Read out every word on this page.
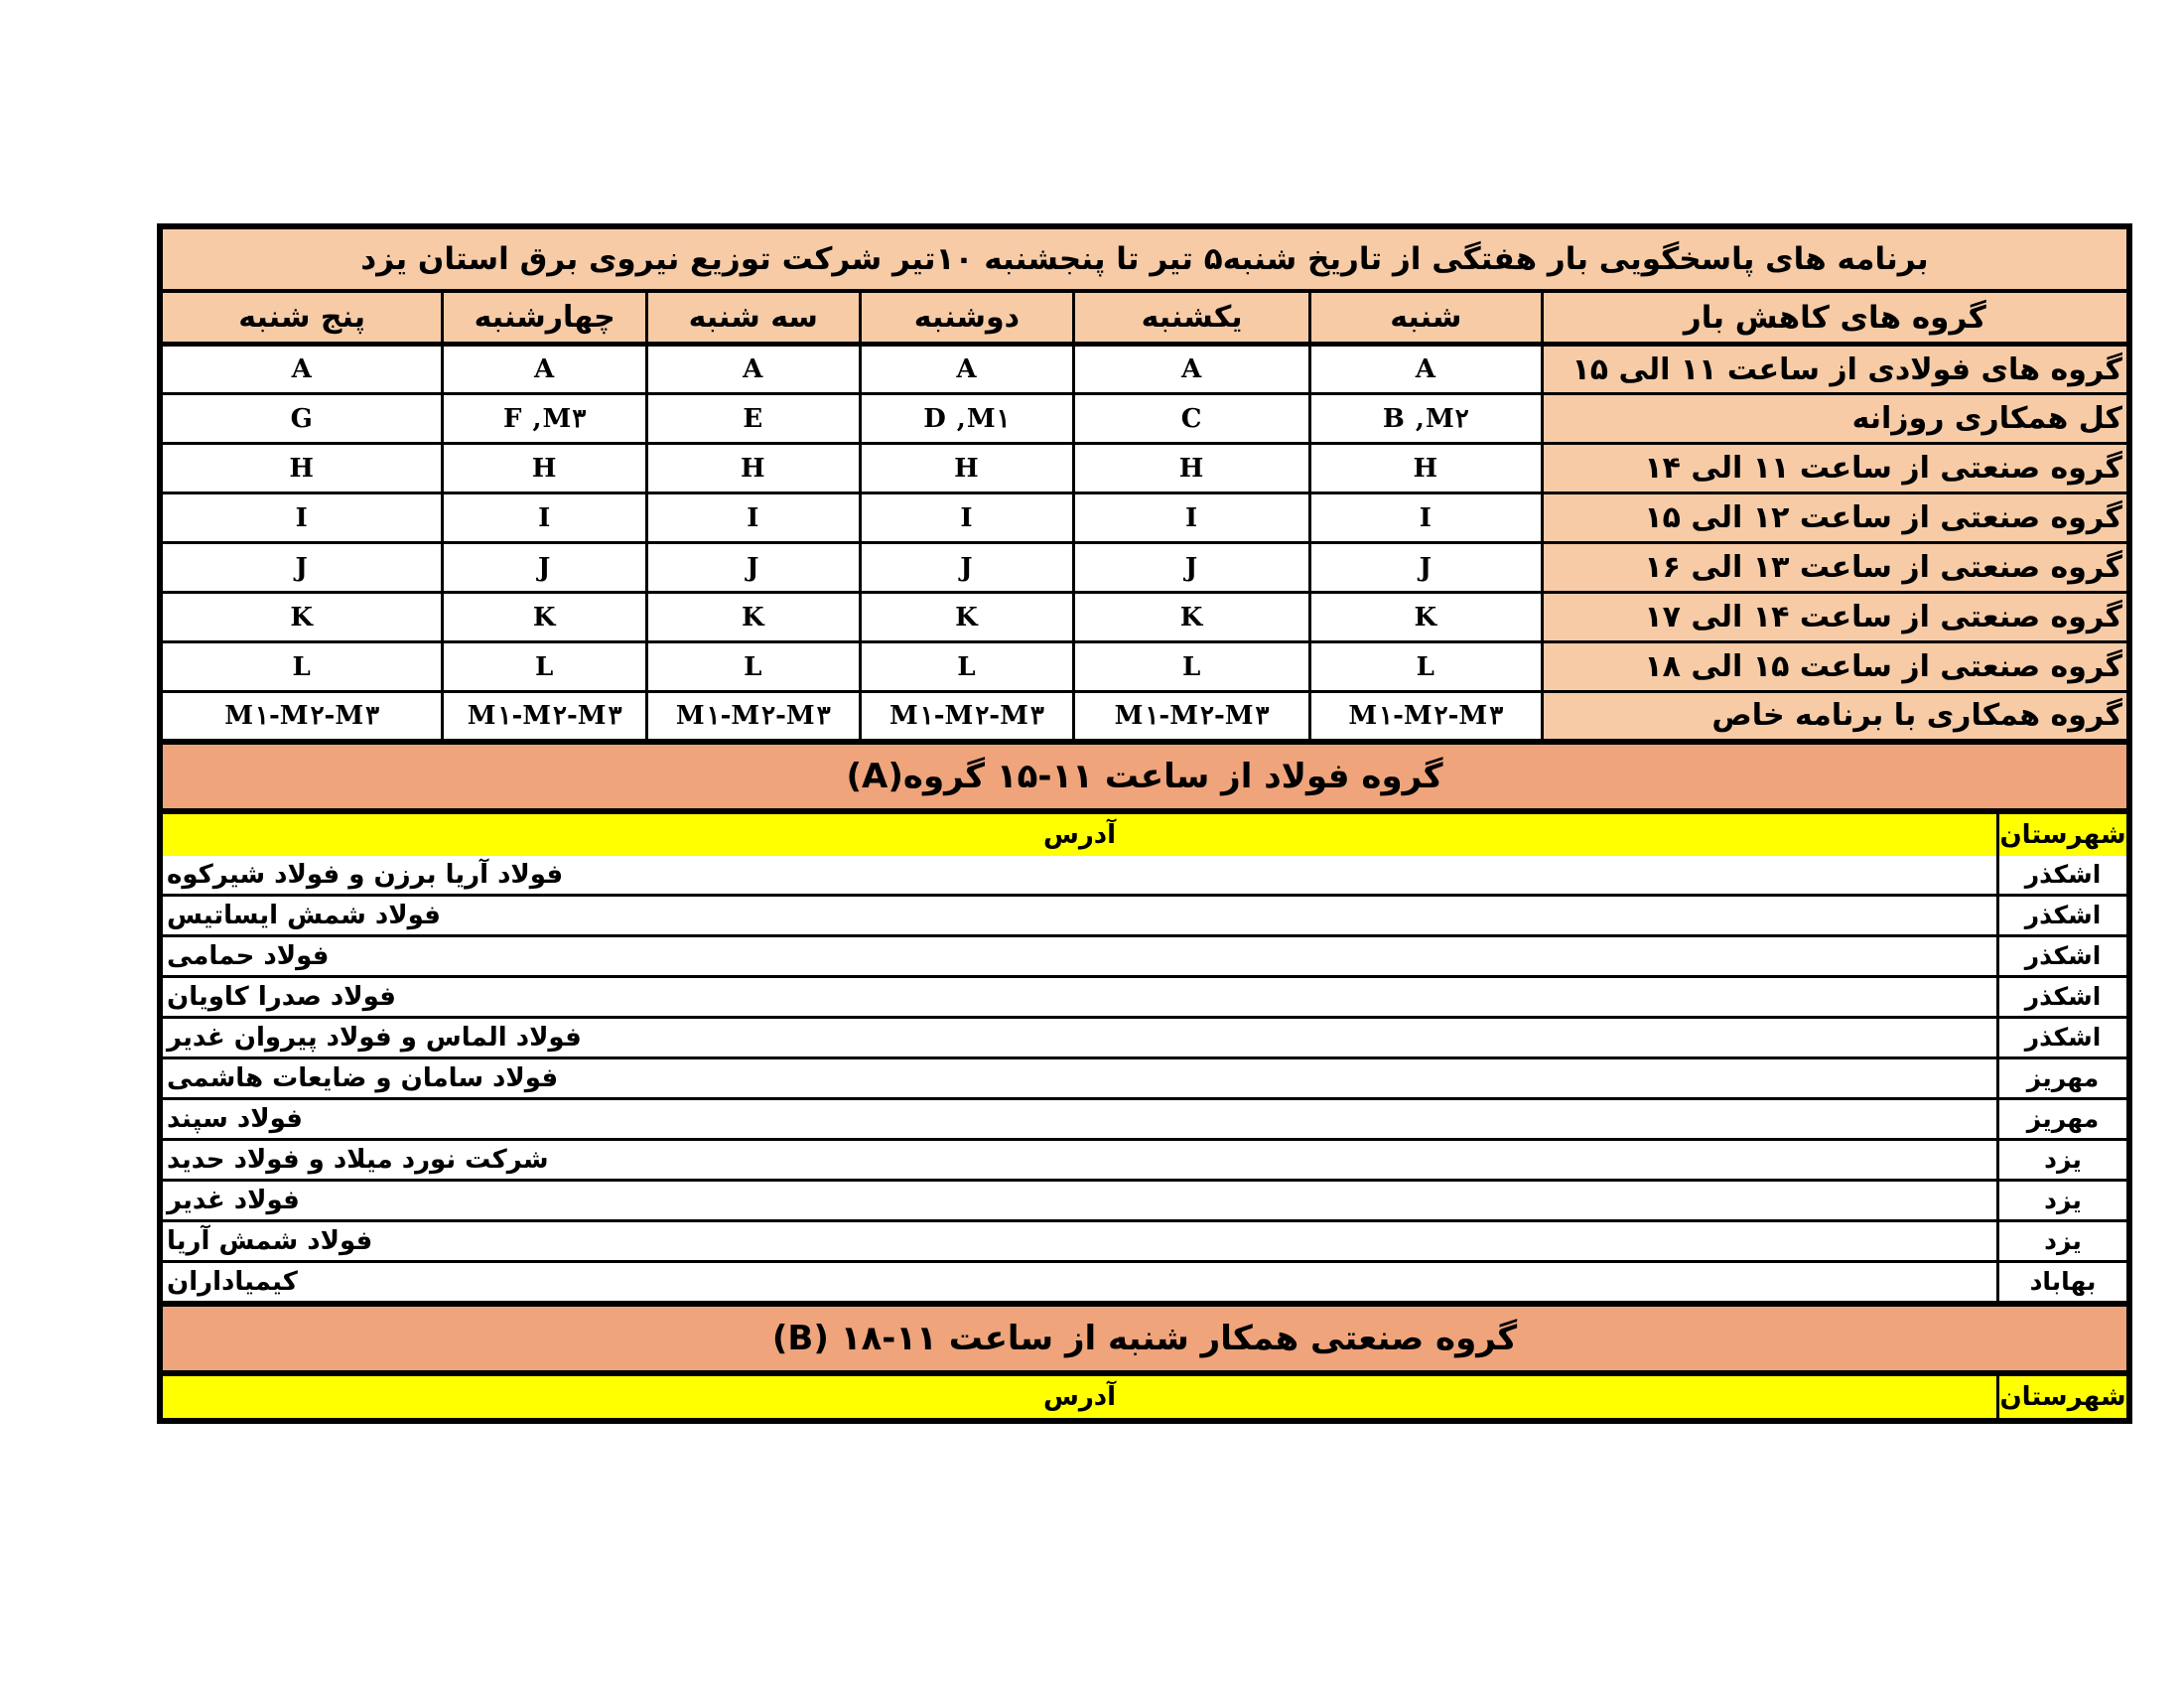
برنامه های پاسخگویی بار هفتگی از تاریخ شنبه۵ تیر تا پنجشنبه ۱۰تیر شرکت توزیع نیروی برق استان یزد						
پنج شنبه	چهارشنبه	سه شنبه	دوشنبه	یکشنبه	شنبه	گروه های کاهش بار
A	A	A	A	A	A	گروه های فولادی از ساعت ۱۱ الی ۱۵
G	F ,M۳	E	D ,M۱	C	B ,M۲	کل همکاری روزانه
H	H	H	H	H	H	گروه صنعتی از ساعت ۱۱ الی ۱۴
I	I	I	I	I	I	گروه صنعتی از ساعت ۱۲ الی ۱۵
J	J	J	J	J	J	گروه صنعتی از ساعت ۱۳ الی ۱۶
K	K	K	K	K	K	گروه صنعتی از ساعت ۱۴ الی ۱۷
L	L	L	L	L	L	گروه صنعتی از ساعت ۱۵ الی ۱۸
M۱-M۲-M۳	M۱-M۲-M۳	M۱-M۲-M۳	M۱-M۲-M۳	M۱-M۲-M۳	M۱-M۲-M۳	گروه همکاری با برنامه خاص
گروه فولاد از ساعت ۱۱-۱۵ گروه(A)
آدرس	شهرستان
فولاد آریا برزن و فولاد شیرکوه	اشکذر
فولاد شمش ایساتیس	اشکذر
فولاد حمامی	اشکذر
فولاد صدرا کاویان	اشکذر
فولاد الماس و فولاد پیروان غدیر	اشکذر
فولاد سامان و ضایعات هاشمی	مهریز
فولاد سپند	مهریز
شرکت نورد میلاد و فولاد حدید	یزد
فولاد غدیر	یزد
فولاد شمش آریا	یزد
کیمیاداران	بهاباد
گروه صنعتی همکار شنبه از ساعت ۱۱-۱۸ (B)
آدرس	شهرستان
